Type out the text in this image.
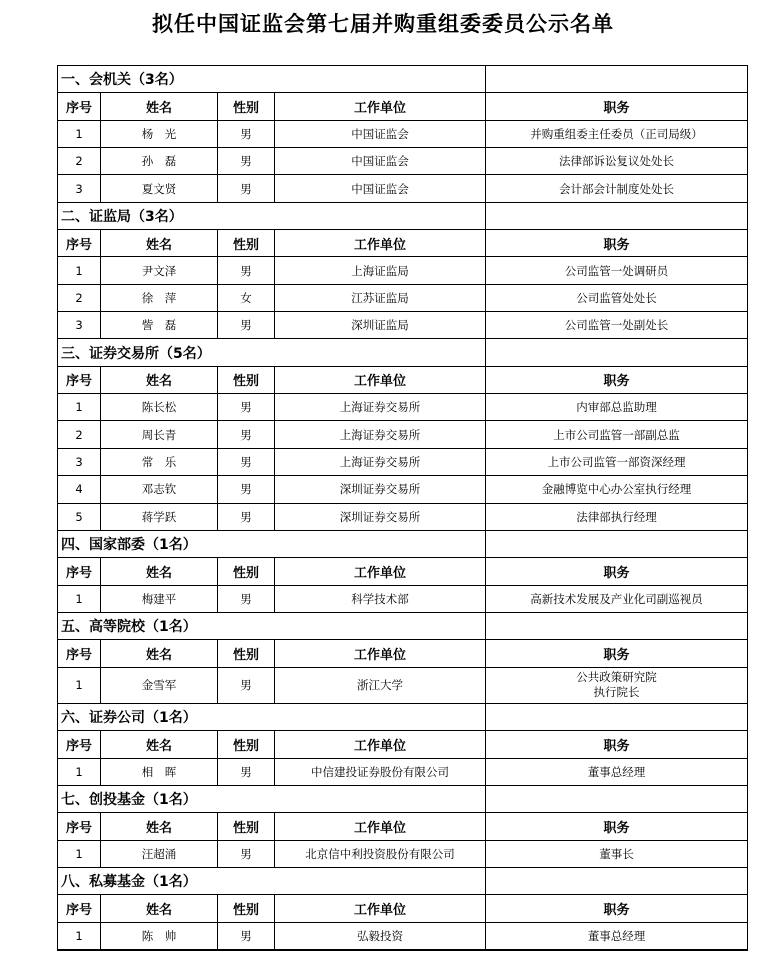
拟任中国证监会第七届并购重组委委员公示名单
一、会机关（3名）				
序号	姓名	性别	工作单位	职务
1	杨　光	男	中国证监会	并购重组委主任委员（正司局级）
2	孙　磊	男	中国证监会	法律部诉讼复议处处长
3	夏文贤	男	中国证监会	会计部会计制度处处长
二、证监局（3名）				
序号	姓名	性别	工作单位	职务
1	尹文泽	男	上海证监局	公司监管一处调研员
2	徐　萍	女	江苏证监局	公司监管处处长
3	訾　磊	男	深圳证监局	公司监管一处副处长
三、证券交易所（5名）				
序号	姓名	性别	工作单位	职务
1	陈长松	男	上海证券交易所	内审部总监助理
2	周长青	男	上海证券交易所	上市公司监管一部副总监
3	常　乐	男	上海证券交易所	上市公司监管一部资深经理
4	邓志钦	男	深圳证券交易所	金融博览中心办公室执行经理
5	蒋学跃	男	深圳证券交易所	法律部执行经理
四、国家部委（1名）				
序号	姓名	性别	工作单位	职务
1	梅建平	男	科学技术部	高新技术发展及产业化司副巡视员
五、高等院校（1名）				
序号	姓名	性别	工作单位	职务
1	金雪军	男	浙江大学	公共政策研究院
执行院长

六、证券公司（1名）				
序号	姓名	性别	工作单位	职务
1	相　晖	男	中信建投证券股份有限公司	董事总经理
七、创投基金（1名）				
序号	姓名	性别	工作单位	职务
1	汪超涌	男	北京信中利投资股份有限公司	董事长
八、私募基金（1名）				
序号	姓名	性别	工作单位	职务
1	陈　帅	男	弘毅投资	董事总经理
